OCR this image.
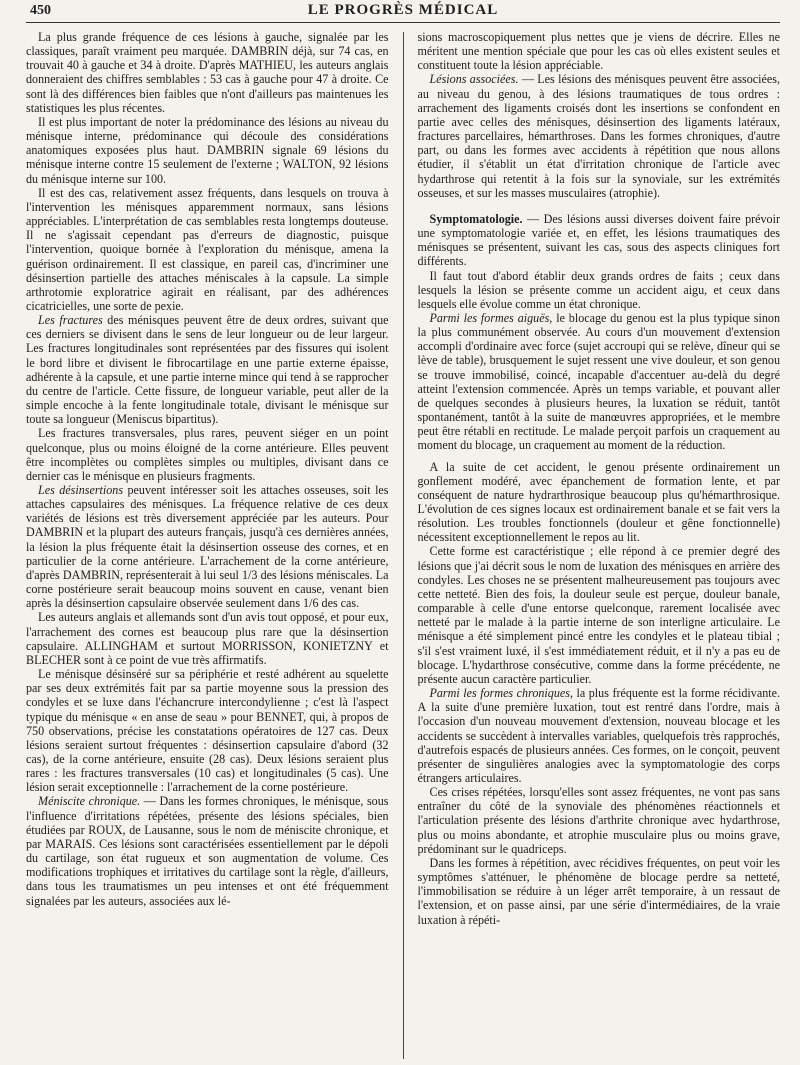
450	LE PROGRÈS MÉDICAL

La plus grande fréquence de ces lésions à gauche, signalée par les classiques, paraît vraiment peu marquée. DAMBRIN déjà, sur 74 cas, en trouvait 40 à gauche et 34 à droite. D'après MATHIEU, les auteurs anglais donneraient des chiffres semblables : 53 cas à gauche pour 47 à droite. Ce sont là des différences bien faibles que n'ont d'ailleurs pas maintenues les statistiques les plus récentes.

Il est plus important de noter la prédominance des lésions au niveau du ménisque interne, prédominance qui découle des considérations anatomiques exposées plus haut. DAMBRIN signale 69 lésions du ménisque interne contre 15 seulement de l'externe ; WALTON, 92 lésions du ménisque interne sur 100.

Il est des cas, relativement assez fréquents, dans lesquels on trouva à l'intervention les ménisques apparemment normaux, sans lésions appréciables. L'interprétation de cas semblables resta longtemps douteuse. Il ne s'agissait cependant pas d'erreurs de diagnostic, puisque l'intervention, quoique bornée à l'exploration du ménisque, amena la guérison ordinairement. Il est classique, en pareil cas, d'incriminer une désinsertion partielle des attaches méniscales à la capsule. La simple arthrotomie exploratrice agirait en réalisant, par des adhérences cicatricielles, une sorte de pexie.

Les fractures des ménisques peuvent être de deux ordres, suivant que ces derniers se divisent dans le sens de leur longueur ou de leur largeur. Les fractures longitudinales sont représentées par des fissures qui isolent le bord libre et divisent le fibrocartilage en une partie externe épaisse, adhérente à la capsule, et une partie interne mince qui tend à se rapprocher du centre de l'article. Cette fissure, de longueur variable, peut aller de la simple encoche à la fente longitudinale totale, divisant le ménisque sur toute sa longueur (Meniscus bipartitus).

Les fractures transversales, plus rares, peuvent siéger en un point quelconque, plus ou moins éloigné de la corne antérieure. Elles peuvent être incomplètes ou complètes simples ou multiples, divisant dans ce dernier cas le ménisque en plusieurs fragments.

Les désinsertions peuvent intéresser soit les attaches osseuses, soit les attaches capsulaires des ménisques. La fréquence relative de ces deux variétés de lésions est très diversement appréciée par les auteurs. Pour DAMBRIN et la plupart des auteurs français, jusqu'à ces dernières années, la lésion la plus fréquente était la désinsertion osseuse des cornes, et en particulier de la corne antérieure. L'arrachement de la corne antérieure, d'après DAMBRIN, représenterait à lui seul 1/3 des lésions méniscales. La corne postérieure serait beaucoup moins souvent en cause, venant bien après la désinsertion capsulaire observée seulement dans 1/6 des cas.

Les auteurs anglais et allemands sont d'un avis tout opposé, et pour eux, l'arrachement des cornes est beaucoup plus rare que la désinsertion capsulaire. ALLINGHAM et surtout MORRISSON, KONIETZNY et BLECHER sont à ce point de vue très affirmatifs.

Le ménisque désinséré sur sa périphérie et resté adhérent au squelette par ses deux extrémités fait par sa partie moyenne sous la pression des condyles et se luxe dans l'échancrure intercondylienne ; c'est là l'aspect typique du ménisque « en anse de seau » pour BENNET, qui, à propos de 750 observations, précise les constatations opératoires de 127 cas. Deux lésions seraient surtout fréquentes : désinsertion capsulaire d'abord (32 cas), de la corne antérieure, ensuite (28 cas). Deux lésions seraient plus rares : les fractures transversales (10 cas) et longitudinales (5 cas). Une lésion serait exceptionnelle : l'arrachement de la corne postérieure.

Méniscite chronique. — Dans les formes chroniques, le ménisque, sous l'influence d'irritations répétées, présente des lésions spéciales, bien étudiées par ROUX, de Lausanne, sous le nom de méniscite chronique, et par MARAIS. Ces lésions sont caractérisées essentiellement par le dépoli du cartilage, son état rugueux et son augmentation de volume. Ces modifications trophiques et irritatives du cartilage sont la règle, d'ailleurs, dans tous les traumatismes un peu intenses et ont été fréquemment signalées par les auteurs, associées aux lé-

sions macroscopiquement plus nettes que je viens de décrire. Elles ne méritent une mention spéciale que pour les cas où elles existent seules et constituent toute la lésion appréciable.

Lésions associées. — Les lésions des ménisques peuvent être associées, au niveau du genou, à des lésions traumatiques de tous ordres : arrachement des ligaments croisés dont les insertions se confondent en partie avec celles des ménisques, désinsertion des ligaments latéraux, fractures parcellaires, hémarthroses. Dans les formes chroniques, d'autre part, ou dans les formes avec accidents à répétition que nous allons étudier, il s'établit un état d'irritation chronique de l'article avec hydarthrose qui retentit à la fois sur la synoviale, sur les extrémités osseuses, et sur les masses musculaires (atrophie).

Symptomatologie. — Des lésions aussi diverses doivent faire prévoir une symptomatologie variée et, en effet, les lésions traumatiques des ménisques se présentent, suivant les cas, sous des aspects cliniques fort différents.

Il faut tout d'abord établir deux grands ordres de faits ; ceux dans lesquels la lésion se présente comme un accident aigu, et ceux dans lesquels elle évolue comme un état chronique.

Parmi les formes aiguës, le blocage du genou est la plus typique sinon la plus communément observée. Au cours d'un mouvement d'extension accompli d'ordinaire avec force (sujet accroupi qui se relève, dîneur qui se lève de table), brusquement le sujet ressent une vive douleur, et son genou se trouve immobilisé, coincé, incapable d'accentuer au-delà du degré atteint l'extension commencée. Après un temps variable, et pouvant aller de quelques secondes à plusieurs heures, la luxation se réduit, tantôt spontanément, tantôt à la suite de manœuvres appropriées, et le membre peut être rétabli en rectitude. Le malade perçoit parfois un craquement au moment du blocage, un craquement au moment de la réduction.

A la suite de cet accident, le genou présente ordinairement un gonflement modéré, avec épanchement de formation lente, et par conséquent de nature hydrarthrosique beaucoup plus qu'hémarthrosique. L'évolution de ces signes locaux est ordinairement banale et se fait vers la résolution. Les troubles fonctionnels (douleur et gêne fonctionnelle) nécessitent exceptionnellement le repos au lit.

Cette forme est caractéristique ; elle répond à ce premier degré des lésions que j'ai décrit sous le nom de luxation des ménisques en arrière des condyles. Les choses ne se présentent malheureusement pas toujours avec cette netteté. Bien des fois, la douleur seule est perçue, douleur banale, comparable à celle d'une entorse quelconque, rarement localisée avec netteté par le malade à la partie interne de son interligne articulaire. Le ménisque a été simplement pincé entre les condyles et le plateau tibial ; s'il s'est vraiment luxé, il s'est immédiatement réduit, et il n'y a pas eu de blocage. L'hydarthrose consécutive, comme dans la forme précédente, ne présente aucun caractère particulier.

Parmi les formes chroniques, la plus fréquente est la forme récidivante. A la suite d'une première luxation, tout est rentré dans l'ordre, mais à l'occasion d'un nouveau mouvement d'extension, nouveau blocage et les accidents se succèdent à intervalles variables, quelquefois très rapprochés, d'autrefois espacés de plusieurs années. Ces formes, on le conçoit, peuvent présenter de singulières analogies avec la symptomatologie des corps étrangers articulaires.

Ces crises répétées, lorsqu'elles sont assez fréquentes, ne vont pas sans entraîner du côté de la synoviale des phénomènes réactionnels et l'articulation présente des lésions d'arthrite chronique avec hydarthrose, plus ou moins abondante, et atrophie musculaire plus ou moins grave, prédominant sur le quadriceps.

Dans les formes à répétition, avec récidives fréquentes, on peut voir les symptômes s'atténuer, le phénomène de blocage perdre sa netteté, l'immobilisation se réduire à un léger arrêt temporaire, à un ressaut de l'extension, et on passe ainsi, par une série d'intermédiaires, de la vraie luxation à répéti-
